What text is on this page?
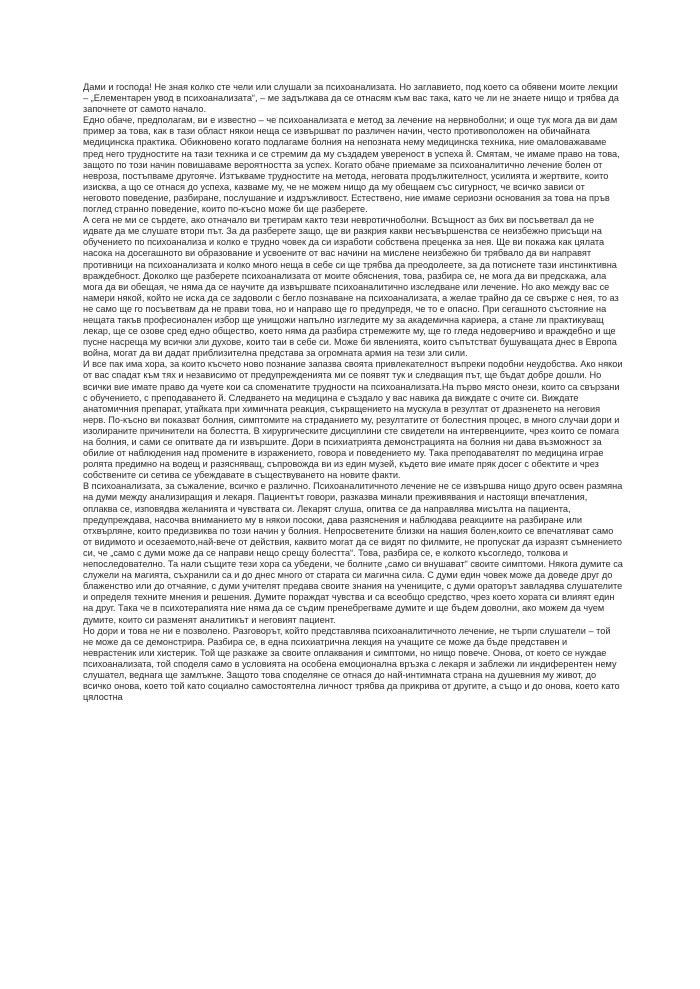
Дами и господа! Не зная колко сте чели или слушали за психоанализата. Но заглавието, под което са обявени моите лекции – „Елементарен увод в психоанализата“, – ме задължава да се отнасям към вас така, като че ли не знаете нищо и трябва да започнете от самото начало.

Едно обаче, предполагам, ви е известно – че психоанализата е метод за лечение на нервноболни; и още тук мога да ви дам пример за това, как в тази област някои неща се извършват по различен начин, често противоположен на обичайната медицинска практика. Обикновено когато подлагаме болния на непозната нему медицинска техника, ние омаловажаваме пред него трудностите на тази техника и се стремим да му създадем увереност в успеха й. Смятам, че имаме право на това, защото по този начин повишаваме вероятността за успех. Когато обаче приемаме за психоаналитично лечение болен от невроза, постъпваме другояче. Изтъкваме трудностите на метода, неговата продължителност, усилията и жертвите, които изисква, а що се отнася до успеха, казваме му, че не можем нищо да му обещаем със сигурност, че всичко зависи от неговото поведение, разбиране, послушание и издръжливост. Естествено, ние имаме сериозни основания за това на пръв поглед странно поведение, които по-късно може би ще разберете.

А сега не ми се сърдете, ако отначало ви третирам както тези невротичноболни. Всъщност аз бих ви посъветвал да не идвате да ме слушате втори път. За да разберете защо, ще ви разкрия какви несъвършенства се неизбежно присъщи на обучението по психоанализа и колко е трудно човек да си изработи собствена преценка за нея. Ще ви покажа как цялата насока на досегашното ви образование и усвоените от вас начини на мислене неизбежно би трябвало да ви направят противници на психоанализата и колко много неща в себе си ще трябва да преодолеете, за да потиснете тази инстинктивна враждебност. Доколко ще разберете психоанализата от моите обяснения, това, разбира се, не мога да ви предскажа, ала мога да ви обещая, че няма да се научите да извършвате психоаналитично изследване или лечение. Но ако между вас се намери някой, който не иска да се задоволи с бегло познаване на психоанализата, а желае трайно да се свърже с нея, то аз не само ще го посъветвам да не прави това, но и направо ще го предупредя, че то е опасно. При сегашното състояние на нещата такъв професионален избор ще унищожи напълно изгледите му за академична кариера, а стане ли практикуващ лекар, ще се озове сред едно общество, което няма да разбира стремежите му, ще го гледа недоверчиво и враждебно и ще пусне насреща му всички зли духове, които таи в себе си. Може би явленията, които съпътстват бушуващата днес в Европа война, могат да ви дадат приблизителна представа за огромната армия на тези зли сили.

И все пак има хора, за които късчето ново познание запазва своята привлекателност въпреки подобни неудобства. Ако някои от вас спадат към тях и независимо от предупрежденията ми се появят тук и следващия път, ще бъдат добре дошли. Но всички вие имате право да чуете кои са споменатите трудности на психоанализата.На първо място онези, които са свързани с обучението, с преподаването й. Следването на медицина е създало у вас навика да виждате с очите си. Виждате анатомичния препарат, утайката при химичната реакция, съкращението на мускула в резултат от дразненето на неговия нерв. По-късно ви показват болния, симптомите на страданието му, резултатите от болестния процес, в много случаи дори и изолираните причинители на болестта. В хирургическите дисциплини сте свидетели на интервенциите, чрез които се помага на болния, и сами се опитвате да ги извършите. Дори в психиатрията демонстрацията на болния ни дава възможност за обилие от наблюдения над промените в изражението, говора и поведението му. Така преподавателят по медицина играе ролята предимно на водещ и разясняващ, съпровожда ви из един музей, където вие имате пряк досег с обектите и чрез собствените си сетива се убеждавате в съществуването на новите факти.

В психоанализата, за съжаление, всичко е различно. Психоаналитичното лечение не се извършва нищо друго освен размяна на думи между анализиращия и лекаря. Пациентът говори, разказва минали преживявания и настоящи впечатления, оплаква се, изповядва желанията и чувствата си. Лекарят слуша, опитва се да направлява мисълта на пациента, предупреждава, насочва вниманието му в някои посоки, дава разяснения и наблюдава реакциите на разбиране или отхвърляне, които предизвиква по този начин у болния. Непросветените близки на нашия болен,които се впечатляват само от видимото и осезаемото,най-вече от действия, каквито могат да се видят по филмите, не пропускат да изразят съмнението си, че „само с думи може да се направи нещо срещу болестта“. Това, разбира се, е колкото късогледо, толкова и непоследователно. Та нали същите тези хора са убедени, че болните „само си внушават“ своите симптоми. Някога думите са служели на магията, съхранили са и до днес много от старата си магична сила. С думи един човек може да доведе друг до блаженство или до отчаяние, с думи учителят предава своите знания на учениците, с думи ораторът завладява слушателите и определя техните мнения и решения. Думите пораждат чувства и са всеобщо средство, чрез което хората си влияят един на друг. Така че в психотерапията ние няма да се съдим пренебрегваме думите и ще бъдем доволни, ако можем да чуем думите, които си разменят аналитикът и неговият пациент.

Но дори и това не ни е позволено. Разговорът, който представлява психоаналитичното лечение, не търпи слушатели – той не може да се демонстрира. Разбира се, в една психиатрична лекция на учащите се може да бъде представен и неврастеник или хистерик. Той ще разкаже за своите оплаквания и симптоми, но нищо повече. Онова, от което се нуждае психоанализата, той споделя само в условията на особена емоционална връзка с лекаря и заблежи ли индиферентен нему слушател, веднага ще замлъкне. Защото това споделяне се отнася до най-интимната страна на душевния му живот, до всичко онова, което той като социално самостоятелна личност трябва да прикрива от другите, а също и до онова, което като цялостна
